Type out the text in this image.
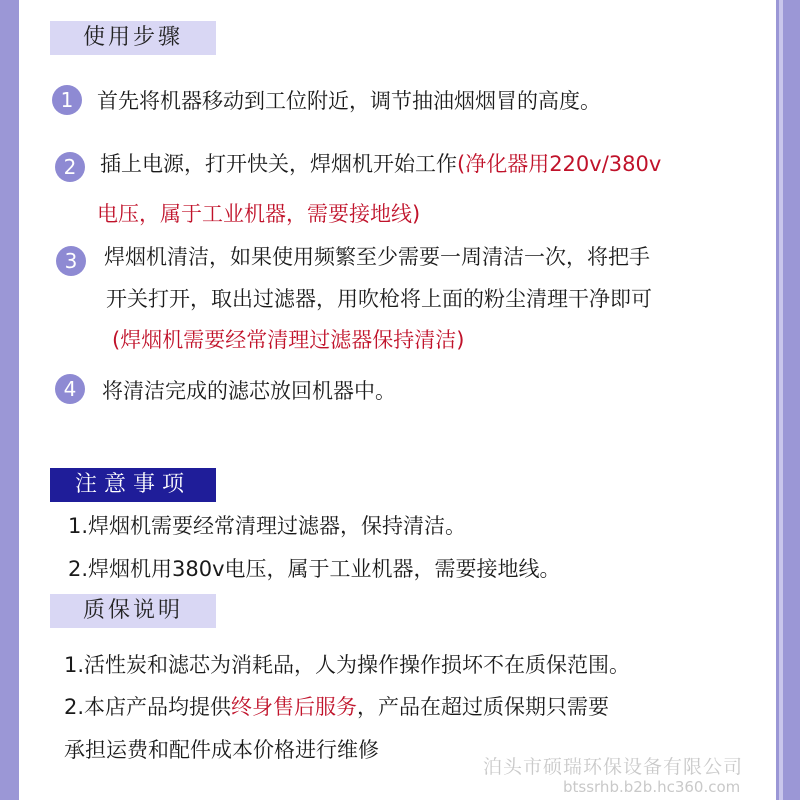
使用步骤
1	首先将机器移动到工位附近，调节抽油烟烟冒的高度。
2	插上电源，打开快关，焊烟机开始工作(净化器用220v/380v
电压，属于工业机器，需要接地线)
3	焊烟机清洁，如果使用频繁至少需要一周清洁一次，将把手
开关打开，取出过滤器，用吹枪将上面的粉尘清理干净即可
(焊烟机需要经常清理过滤器保持清洁)
4	将清洁完成的滤芯放回机器中。
注意事项
1.焊烟机需要经常清理过滤器，保持清洁。
2.焊烟机用380v电压，属于工业机器，需要接地线。
质保说明
1.活性炭和滤芯为消耗品，人为操作操作损坏不在质保范围。
2.本店产品均提供终身售后服务，产品在超过质保期只需要
承担运费和配件成本价格进行维修
泊头市硕瑞环保设备有限公司
btssrhb.b2b.hc360.com
